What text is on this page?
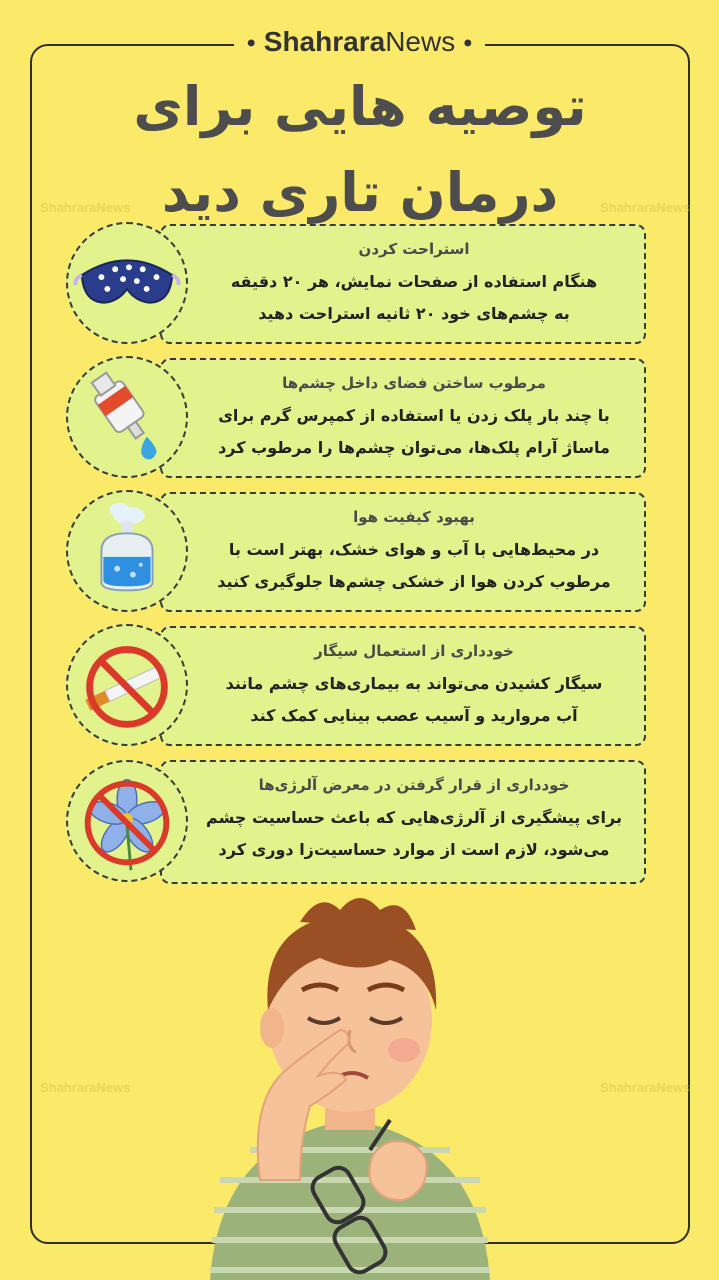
● ShahraraNews ●
ShahraraNews	ShahraraNews
ShahraraNews	ShahraraNews
توصیه هایی برای
درمان تاری دید
استراحت کردن
هنگام استفاده از صفحات نمایش، هر ۲۰ دقیقه
به چشم‌های خود ۲۰ ثانیه استراحت دهید
مرطوب ساختن فضای داخل چشم‌ها
با چند بار پلک زدن یا استفاده از کمپرس گرم برای
ماساژ آرام پلک‌ها، می‌توان چشم‌ها را مرطوب کرد
بهبود کیفیت هوا
در محیط‌هایی با آب و هوای خشک، بهتر است با
مرطوب کردن هوا از خشکی چشم‌ها جلوگیری کنید
خودداری از استعمال سیگار
سیگار کشیدن می‌تواند به بیماری‌های چشم مانند
آب مروارید و آسیب عصب بینایی کمک کند
خودداری از قرار گرفتن در معرض آلرژی‌ها
برای پیشگیری از آلرژی‌هایی که باعث حساسیت چشم
می‌شود، لازم است از موارد حساسیت‌زا دوری کرد
